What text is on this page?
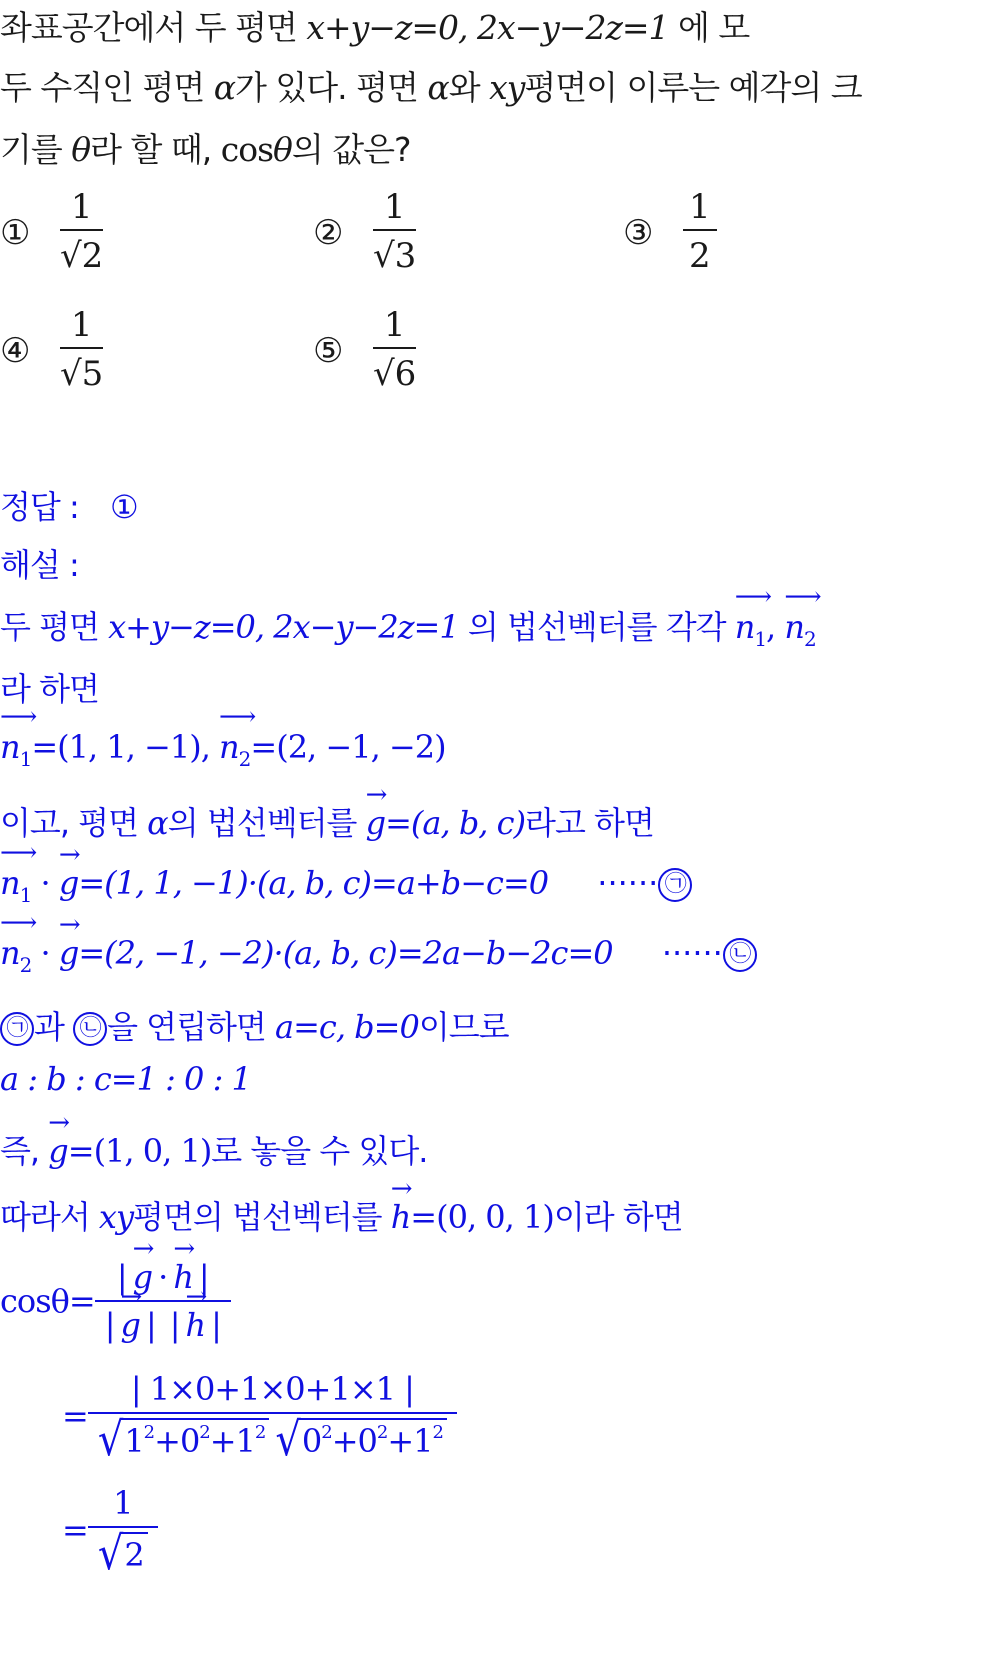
좌표공간에서 두 평면 x+y−z=0, 2x−y−2z=1 에 모
두 수직인 평면 α가 있다. 평면 α와 xy평면이 이루는 예각의 크
기를 θ라 할 때, cosθ의 값은?
① $\frac{1}{√2}$	② $\frac{1}{√3}$	③ $\frac{1}{2}$
④ $\frac{1}{√5}$	⑤ $\frac{1}{√6}$
정답 : ①
해설 :
두 평면 x+y−z=0, 2x−y−2z=1 의 법선벡터를 각각 ⟶ $n_1$, ⟶ $n_2$
라 하면
⟶ $n_1=(1$, 1, −1), ⟶ $n_2=(2$, −1, −2)
이고, 평면 α의 법선벡터를 → g=(a, b, c)라고 하면
⟶ $n_1$ · → g=(1, 1, −1)·(a, b, c)=a+b−c=0 ······ ㉠
⟶ $n_2$ · → g=(2, −1, −2)·(a, b, c)=2a−b−2c=0 ······ ㉡
㉠ 과 ㉡ 을 연립하면 a=c, b=0이므로
a : b : c=1 : 0 : 1
즉, → g=(1, 0, 1)로 놓을 수 있다.
따라서 xy평면의 법선벡터를 → h=(0, 0, 1)이라 하면
cosθ= |
→ g ·
→ h |
|
→ g | |
→ h |
= $\frac{| 1\times 0+1\times 0+1\times 1 |}{√ 1^2+0^2+1^2 √ 0^2+0^2+1^2}$
= $\frac{1}{√ 2}$
